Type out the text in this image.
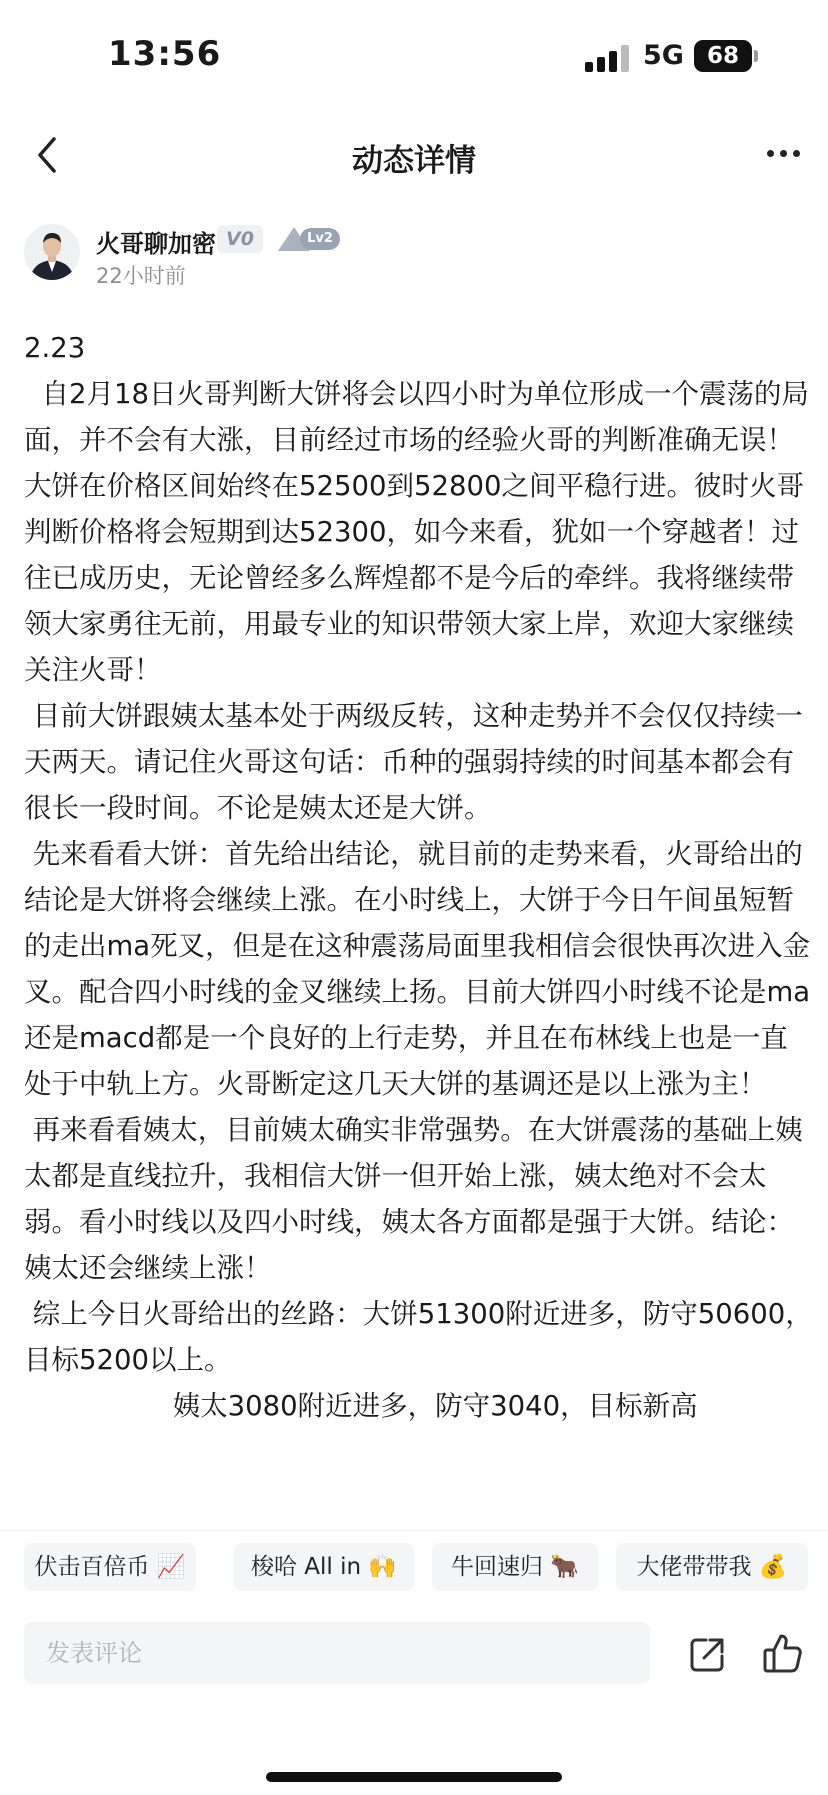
13:56	5G	68
动态详情
火哥聊加密 V0	Lv2
22小时前

2.23

自2月18日火哥判断大饼将会以四小时为单位形成一个震荡的局面，并不会有大涨，目前经过市场的经验火哥的判断准确无误！大饼在价格区间始终在52500到52800之间平稳行进。彼时火哥判断价格将会短期到达52300，如今来看，犹如一个穿越者！过往已成历史，无论曾经多么辉煌都不是今后的牵绊。我将继续带领大家勇往无前，用最专业的知识带领大家上岸，欢迎大家继续关注火哥！

目前大饼跟姨太基本处于两级反转，这种走势并不会仅仅持续一天两天。请记住火哥这句话：币种的强弱持续的时间基本都会有很长一段时间。不论是姨太还是大饼。

先来看看大饼：首先给出结论，就目前的走势来看，火哥给出的结论是大饼将会继续上涨。在小时线上，大饼于今日午间虽短暂的走出ma死叉，但是在这种震荡局面里我相信会很快再次进入金叉。配合四小时线的金叉继续上扬。目前大饼四小时线不论是ma还是macd都是一个良好的上行走势，并且在布林线上也是一直处于中轨上方。火哥断定这几天大饼的基调还是以上涨为主！

再来看看姨太，目前姨太确实非常强势。在大饼震荡的基础上姨太都是直线拉升，我相信大饼一但开始上涨，姨太绝对不会太弱。看小时线以及四小时线，姨太各方面都是强于大饼。结论：姨太还会继续上涨！

综上今日火哥给出的丝路：大饼51300附近进多，防守50600，目标5200以上。

姨太3080附近进多，防守3040，目标新高

伏击百倍币 📈	梭哈 All in 🙌	牛回速归 🐂	大佬带带我 💰
发表评论
